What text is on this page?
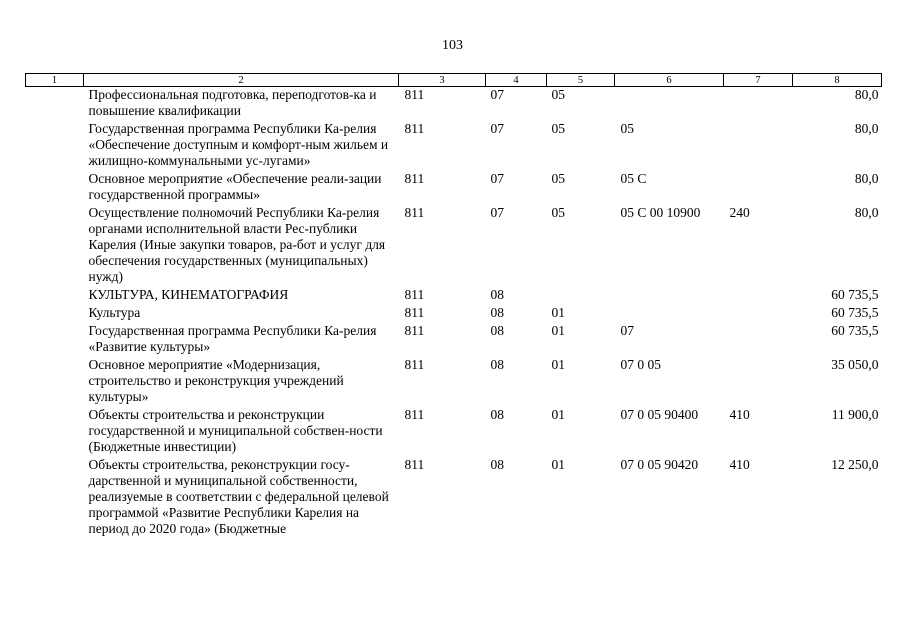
103
1	2	3	4	5	6	7	8
	Профессиональная подготовка, переподготов-ка и повышение квалификации	811	07	05			80,0
	Государственная программа Республики Ка-релия «Обеспечение доступным и комфорт-ным жильем и жилищно-коммунальными ус-лугами»	811	07	05	05		80,0
	Основное мероприятие «Обеспечение реали-зации государственной программы»	811	07	05	05 С		80,0
	Осуществление полномочий Республики Ка-релия органами исполнительной власти Рес-публики Карелия (Иные закупки товаров, ра-бот и услуг для обеспечения государственных (муниципальных) нужд)	811	07	05	05 С 00 10900	240	80,0
	КУЛЬТУРА, КИНЕМАТОГРАФИЯ	811	08				60 735,5
	Культура	811	08	01			60 735,5
	Государственная программа Республики Ка-релия «Развитие культуры»	811	08	01	07		60 735,5
	Основное мероприятие «Модернизация, строительство и реконструкция учреждений культуры»	811	08	01	07 0 05		35 050,0
	Объекты строительства и реконструкции государственной и муниципальной собствен-ности (Бюджетные инвестиции)	811	08	01	07 0 05 90400	410	11 900,0
	Объекты строительства, реконструкции госу-дарственной и муниципальной собственности, реализуемые в соответствии с федеральной целевой программой «Развитие Республики Карелия на период до 2020 года» (Бюджетные	811	08	01	07 0 05 90420	410	12 250,0
